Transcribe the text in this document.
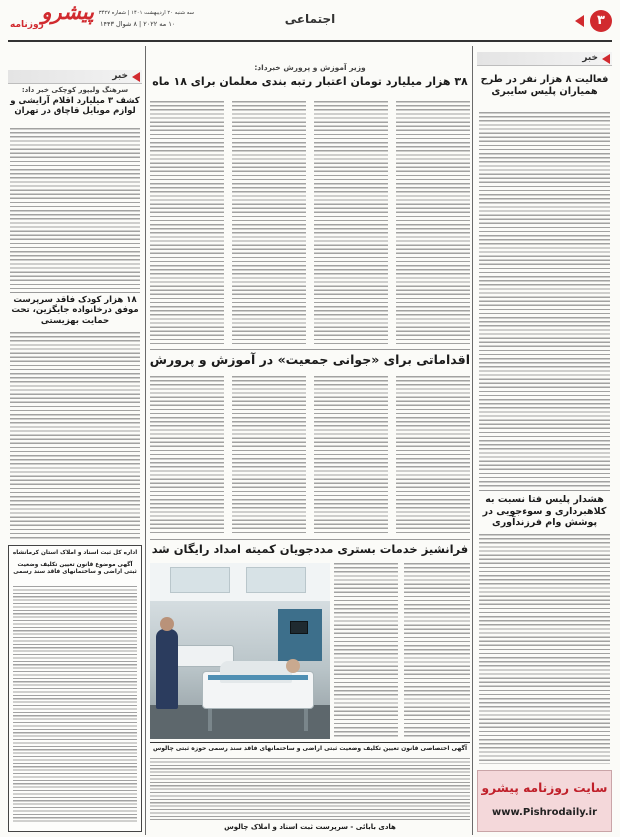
پیشرو
روزنامه
سه شنبه ۲۰ اردیبهشت ۱۴۰۱ | شماره ۳۴۲۷
۱۰ مه ۲۰۲۲ | ۸ شوال ۱۴۴۳	اجتماعی	۳
خبر
فعالیت ۸ هزار نفر در طرح همیاران پلیس سایبری
هشدار پلیس فتا نسبت به کلاهبرداری و سوءجویی در پوشش وام فرزندآوری
سایت روزنامه پیشرو
www.Pishrodaily.ir
وزیر آموزش و پرورش خبرداد:
۳۸ هزار میلیارد تومان اعتبار رتبه بندی معلمان برای ۱۸ ماه
اقداماتی برای «جوانی جمعیت» در آموزش و پرورش
فرانشیز خدمات بستری مددجویان کمیته امداد رایگان شد
آگهی اختصاصی قانون تعیین تکلیف وضعیت ثبتی اراضی و ساختمانهای فاقد سند رسمی حوزه ثبتی چالوس
هادی بابائی - سرپرست ثبت اسناد و املاک چالوس
خبر
سرهنگ ولیپور کوچکی خبر داد:
کشف ۳ میلیارد اقلام آرایشی و لوازم موبایل قاچاق در تهران
۱۸ هزار کودک فاقد سرپرست موفق درخانواده جایگزین، تحت حمایت بهزیستی
اداره کل ثبت اسناد و املاک استان کرمانشاه
آگهی موضوع قانون تعیین تکلیف وضعیت ثبتی اراضی و ساختمانهای فاقد سند رسمی
